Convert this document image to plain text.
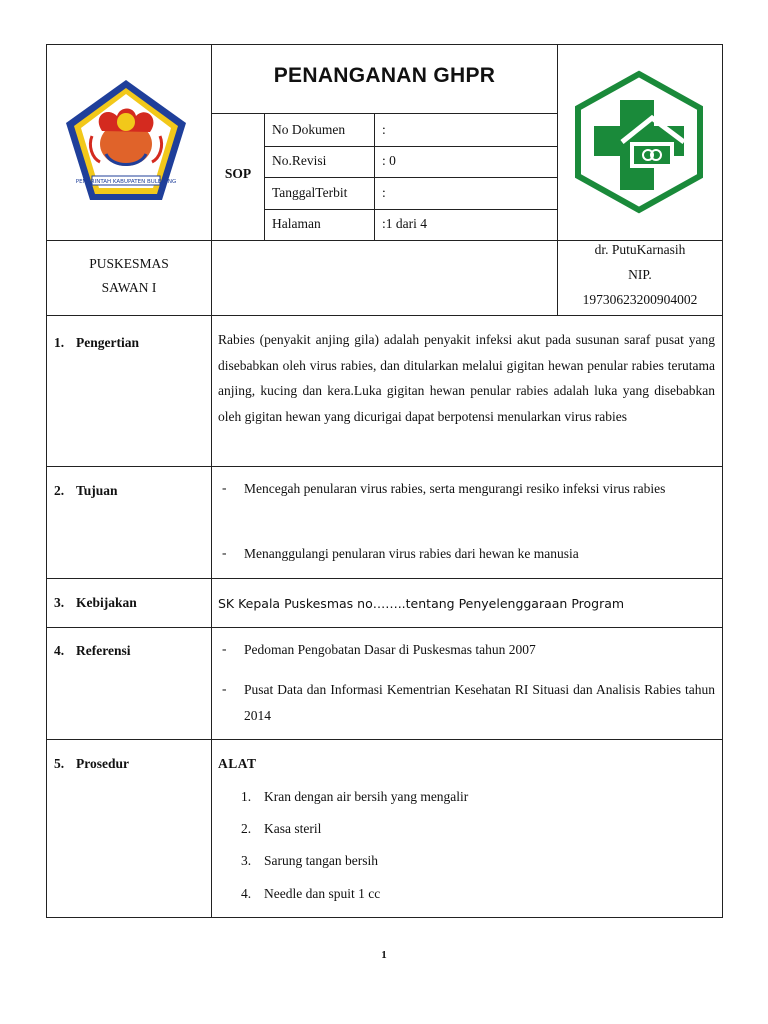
PEMERINTAH KABUPATEN BULELENG
PENANGANAN GHPR
SOP
No Dokumen	:
No.Revisi	: 0
TanggalTerbit	:
Halaman	:1 dari 4
PUSKESMAS
SAWAN I
dr. PutuKarnasih
NIP.
19730623200904002
1. Pengertian	Rabies (penyakit anjing gila) adalah penyakit infeksi akut pada susunan saraf pusat yang disebabkan oleh virus rabies, dan ditularkan melalui gigitan hewan penular rabies terutama anjing, kucing dan kera.Luka gigitan hewan penular rabies adalah luka yang disebabkan oleh gigitan hewan yang dicurigai dapat berpotensi menularkan virus rabies
2. Tujuan	- Mencegah penularan virus rabies, serta mengurangi resiko infeksi virus rabies
- Menanggulangi penularan virus rabies dari hewan ke manusia
3. Kebijakan	SK Kepala Puskesmas no……..tentang Penyelenggaraan Program
4. Referensi	- Pedoman Pengobatan Dasar di Puskesmas tahun 2007
- Pusat Data dan Informasi Kementrian Kesehatan RI Situasi dan Analisis Rabies tahun 2014
5. Prosedur	ALAT
1. Kran dengan air bersih yang mengalir
2. Kasa steril
3. Sarung tangan bersih
4. Needle dan spuit 1 cc
1
